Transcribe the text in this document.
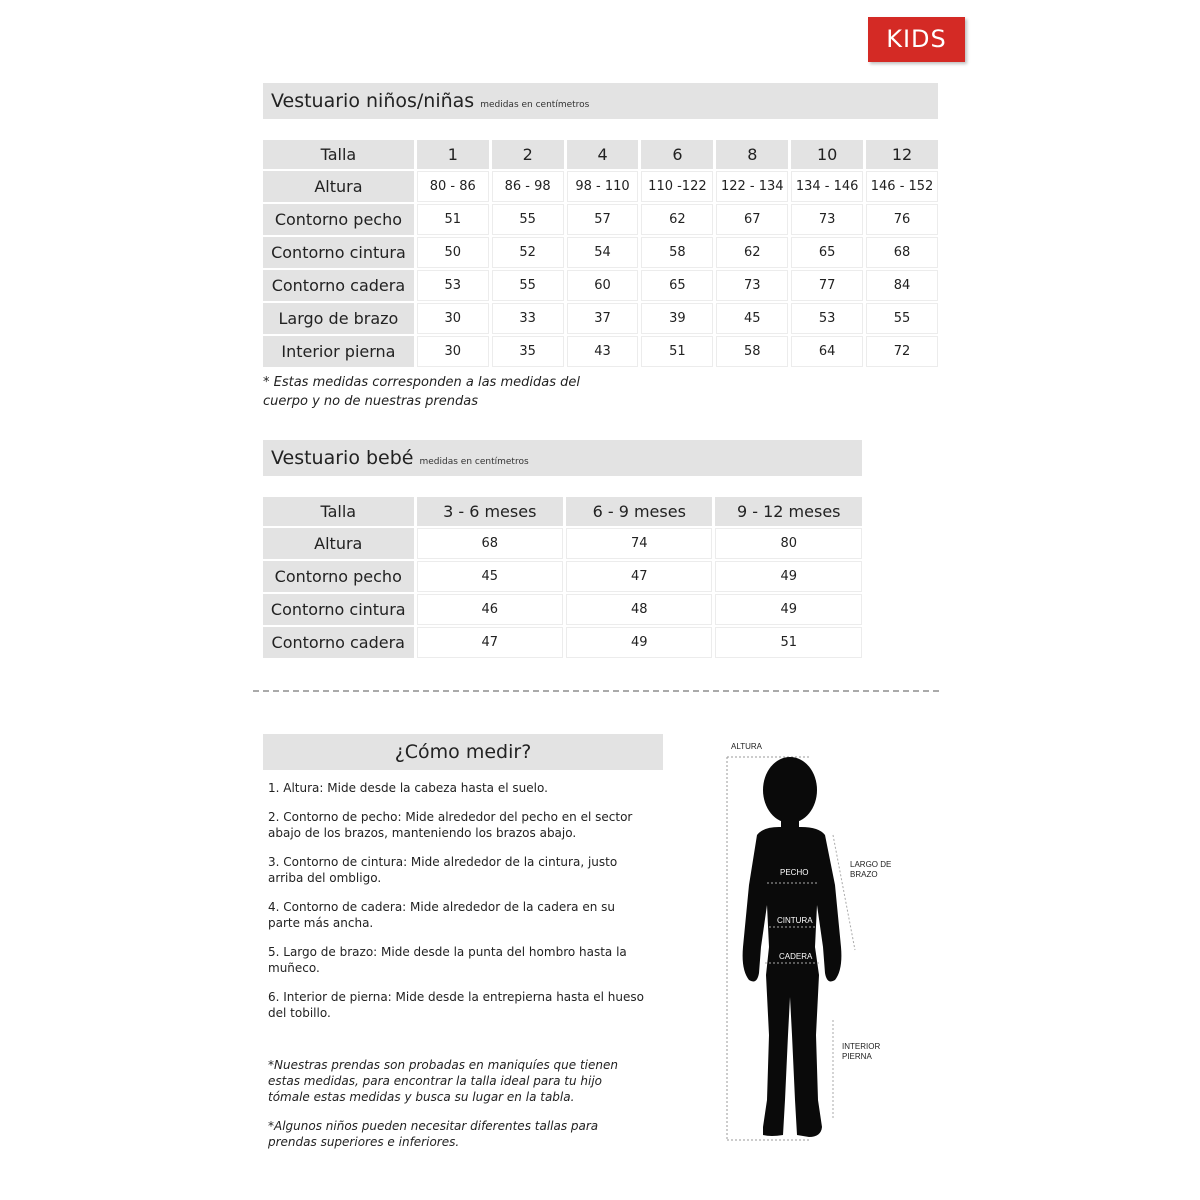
KIDS
Vestuario niños/niñas medidas en centímetros
Talla	1	2	4	6	8	10	12
Altura	80 - 86	86 - 98	98 - 110	110 -122	122 - 134	134 - 146	146 - 152
Contorno pecho	51	55	57	62	67	73	76
Contorno cintura	50	52	54	58	62	65	68
Contorno cadera	53	55	60	65	73	77	84
Largo de brazo	30	33	37	39	45	53	55
Interior pierna	30	35	43	51	58	64	72
* Estas medidas corresponden a las medidas del
cuerpo y no de nuestras prendas
Vestuario bebé medidas en centímetros
Talla	3 - 6 meses	6 - 9 meses	9 - 12 meses
Altura	68	74	80
Contorno pecho	45	47	49
Contorno cintura	46	48	49
Contorno cadera	47	49	51
¿Cómo medir?

1. Altura: Mide desde la cabeza hasta el suelo.

2. Contorno de pecho: Mide alrededor del pecho en el sector
abajo de los brazos, manteniendo los brazos abajo.

3. Contorno de cintura: Mide alrededor de la cintura, justo
arriba del ombligo.

4. Contorno de cadera: Mide alrededor de la cadera en su
parte más ancha.

5. Largo de brazo: Mide desde la punta del hombro hasta la
muñeco.

6. Interior de pierna: Mide desde la entrepierna hasta el hueso
del tobillo.

*Nuestras prendas son probadas en maniquíes que tienen
estas medidas, para encontrar la talla ideal para tu hijo
tómale estas medidas y busca su lugar en la tabla.

*Algunos niños pueden necesitar diferentes tallas para
prendas superiores e inferiores.

ALTURA
PECHO
CINTURA
CADERA
LARGO DE
BRAZO
INTERIOR
PIERNA
